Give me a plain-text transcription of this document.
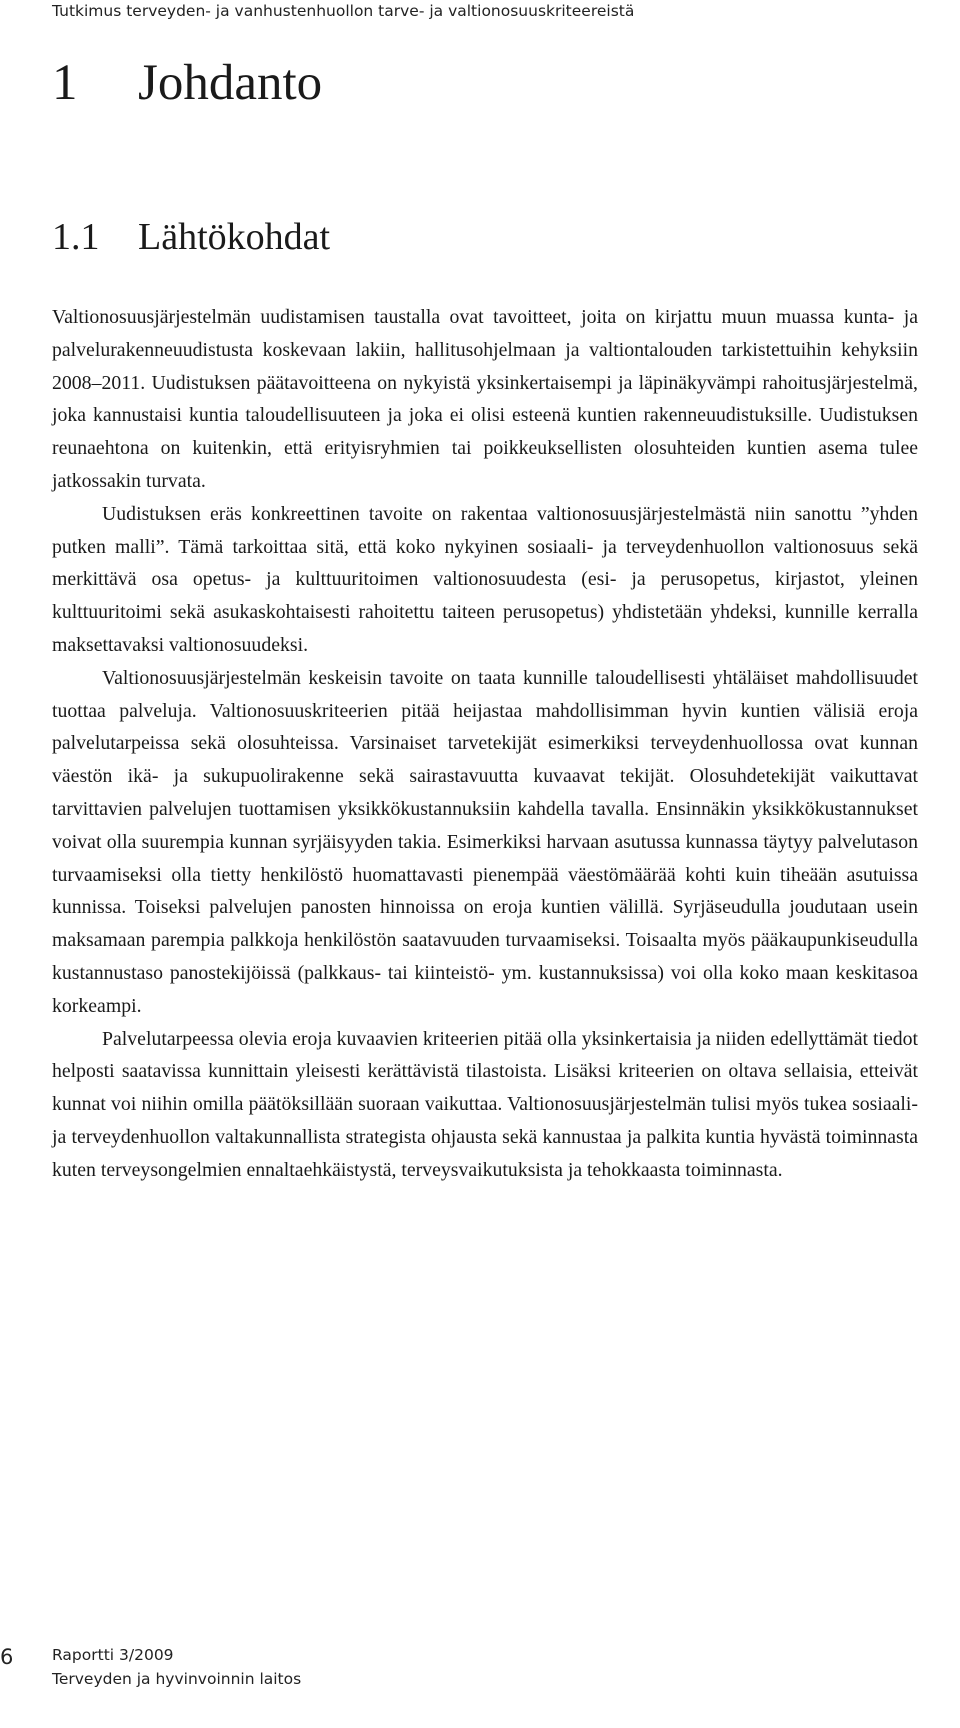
Tutkimus terveyden- ja vanhustenhuollon tarve- ja valtionosuuskriteereistä
1 Johdanto
1.1 Lähtökohdat

Valtionosuusjärjestelmän uudistamisen taustalla ovat tavoitteet, joita on kirjattu muun muassa kunta- ja palvelurakenneuudistusta koskevaan lakiin, hallitusohjelmaan ja valtiontalouden tarkistettuihin kehyksiin 2008–2011. Uudistuksen päätavoitteena on nykyistä yksinkertaisempi ja läpinäkyvämpi rahoitusjärjestelmä, joka kannustaisi kuntia taloudellisuuteen ja joka ei olisi esteenä kuntien rakenneuudistuksille. Uudistuksen reunaehtona on kuitenkin, että erityisryhmien tai poikkeuksellisten olosuhteiden kuntien asema tulee jatkossakin turvata.

Uudistuksen eräs konkreettinen tavoite on rakentaa valtionosuusjärjestelmästä niin sanottu ”yhden putken malli”. Tämä tarkoittaa sitä, että koko nykyinen sosiaali- ja terveydenhuollon valtionosuus sekä merkittävä osa opetus- ja kulttuuritoimen valtionosuudesta (esi- ja perusopetus, kirjastot, yleinen kulttuuritoimi sekä asukaskohtaisesti rahoitettu taiteen perusopetus) yhdistetään yhdeksi, kunnille kerralla maksettavaksi valtionosuudeksi.

Valtionosuusjärjestelmän keskeisin tavoite on taata kunnille taloudellisesti yhtäläiset mahdollisuudet tuottaa palveluja. Valtionosuuskriteerien pitää heijastaa mahdollisimman hyvin kuntien välisiä eroja palvelutarpeissa sekä olosuhteissa. Varsinaiset tarvetekijät esimerkiksi terveydenhuollossa ovat kunnan väestön ikä- ja sukupuolirakenne sekä sairastavuutta kuvaavat tekijät. Olosuhdetekijät vaikuttavat tarvittavien palvelujen tuottamisen yksikkökustannuksiin kahdella tavalla. Ensinnäkin yksikkökustannukset voivat olla suurempia kunnan syrjäisyyden takia. Esimerkiksi harvaan asutussa kunnassa täytyy palvelutason turvaamiseksi olla tietty henkilöstö huomattavasti pienempää väestömäärää kohti kuin tiheään asutuissa kunnissa. Toiseksi palvelujen panosten hinnoissa on eroja kuntien välillä. Syrjäseudulla joudutaan usein maksamaan parempia palkkoja henkilöstön saatavuuden turvaamiseksi. Toisaalta myös pääkaupunkiseudulla kustannustaso panostekijöissä (palkkaus- tai kiinteistö- ym. kustannuksissa) voi olla koko maan keskitasoa korkeampi.

Palvelutarpeessa olevia eroja kuvaavien kriteerien pitää olla yksinkertaisia ja niiden edellyttämät tiedot helposti saatavissa kunnittain yleisesti kerättävistä tilastoista. Lisäksi kriteerien on oltava sellaisia, etteivät kunnat voi niihin omilla päätöksillään suoraan vaikuttaa. Valtionosuusjärjestelmän tulisi myös tukea sosiaali- ja terveydenhuollon valtakunnallista strategista ohjausta sekä kannustaa ja palkita kuntia hyvästä toiminnasta kuten terveysongelmien ennaltaehkäistystä, terveysvaikutuksista ja tehokkaasta toiminnasta.

6 Raportti 3/2009
Terveyden ja hyvinvoinnin laitos
